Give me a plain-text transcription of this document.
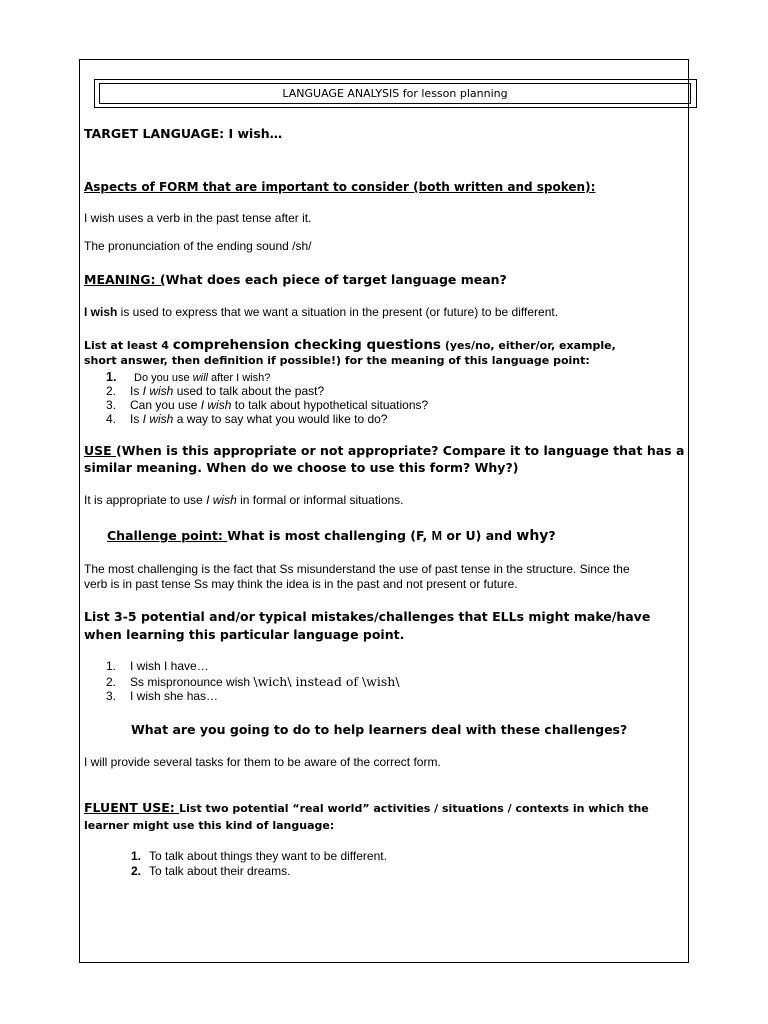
LANGUAGE ANALYSIS for lesson planning
TARGET LANGUAGE: I wish…
Aspects of FORM that are important to consider (both written and spoken):
I wish uses a verb in the past tense after it.
The pronunciation of the ending sound /sh/
MEANING: (What does each piece of target language mean?
I wish is used to express that we want a situation in the present (or future) to be different.
List at least 4 comprehension checking questions (yes/no, either/or, example,
short answer, then definition if possible!) for the meaning of this language point:
1. Do you use will after I wish?
2. Is I wish used to talk about the past?
3. Can you use I wish to talk about hypothetical situations?
4. Is I wish a way to say what you would like to do?
USE (When is this appropriate or not appropriate? Compare it to language that has a
similar meaning. When do we choose to use this form? Why?)
It is appropriate to use I wish in formal or informal situations.
Challenge point: What is most challenging (F, M or U) and why?
The most challenging is the fact that Ss misunderstand the use of past tense in the structure. Since the
verb is in past tense Ss may think the idea is in the past and not present or future.
List 3-5 potential and/or typical mistakes/challenges that ELLs might make/have
when learning this particular language point.
1. I wish I have…
2. Ss mispronounce wish \wich\ instead of \wish\
3. I wish she has…
What are you going to do to help learners deal with these challenges?
I will provide several tasks for them to be aware of the correct form.
FLUENT USE: List two potential “real world” activities / situations / contexts in which the
learner might use this kind of language:
1. To talk about things they want to be different.
2. To talk about their dreams.
